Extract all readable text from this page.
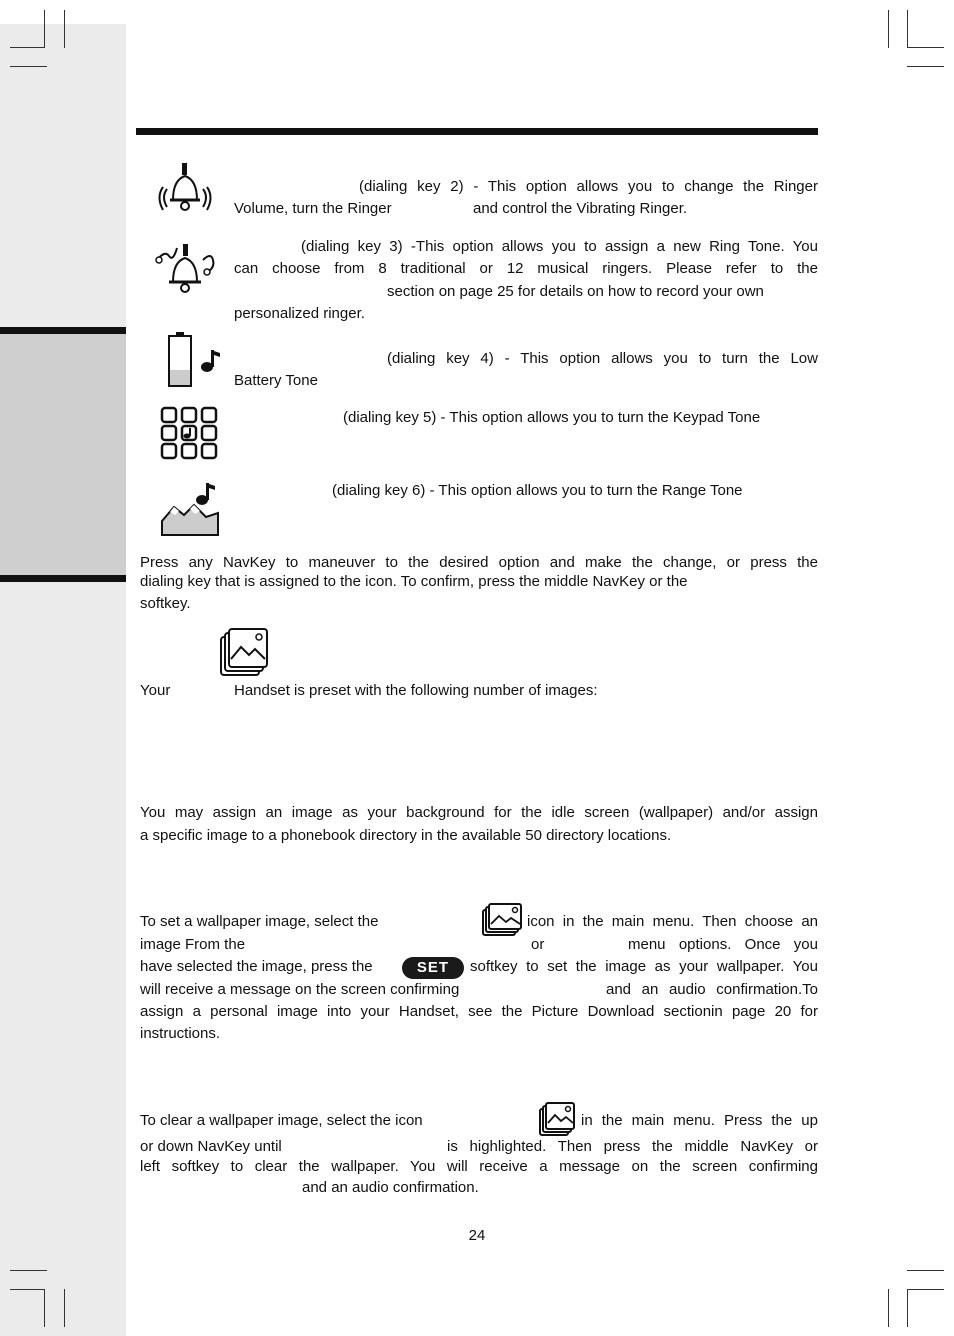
(dialing key 2) - This option allows you to change the Ringer
Volume, turn the Ringer	and control the Vibrating Ringer.
(dialing key 3) -This option allows you to assign a new Ring Tone. You
can choose from 8 traditional or 12 musical ringers. Please refer to the
section on page 25 for details on how to record your own
personalized ringer.
(dialing key 4) - This option allows you to turn the Low
Battery Tone
(dialing key 5) - This option allows you to turn the Keypad Tone
(dialing key 6) - This option allows you to turn the Range Tone
Press any NavKey to maneuver to the desired option and make the change, or press the
dialing key that is assigned to the icon. To confirm, press the middle NavKey or the
softkey.
Your	Handset is preset with the following number of images:
You may assign an image as your background for the idle screen (wallpaper) and/or assign
a specific image to a phonebook directory in the available 50 directory locations.
To set a wallpaper image, select the	icon in the main menu. Then choose an
image From the	or	menu options. Once you
have selected the image, press the	SET	softkey to set the image as your wallpaper. You
will receive a message on the screen confirming	and an audio confirmation.To
assign a personal image into your Handset, see the Picture Download sectionin page 20 for
instructions.
To clear a wallpaper image, select the icon	in the main menu. Press the up
or down NavKey until	is highlighted. Then press the middle NavKey or
left softkey to clear the wallpaper. You will receive a message on the screen confirming
and an audio confirmation.
24
